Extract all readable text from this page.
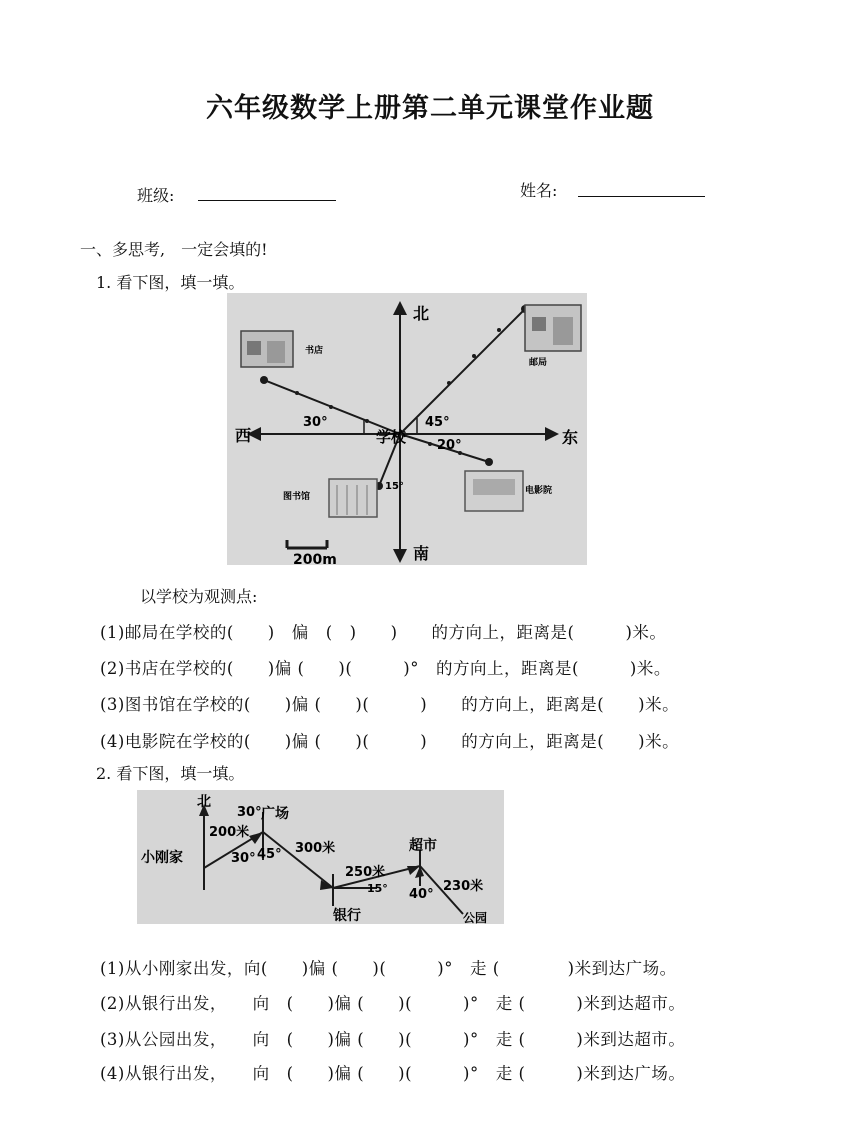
六年级数学上册第二单元课堂作业题
班级:	姓名:
一、多思考,　一定会填的!
1. 看下图，填一填。
北
南
东
西	学校
书店
邮局
图书馆
电影院
30°	45°
20°
15°
200m
以学校为观测点:
(1)邮局在学校的(　　)　偏　(　)　　)　　的方向上，距离是(　　　)米。
(2)书店在学校的(　　)偏 (　　)(　　　)°　的方向上，距离是(　　　)米。
(3)图书馆在学校的(　　)偏 (　　)(　　　)　　的方向上，距离是(　　)米。
(4)电影院在学校的(　　)偏 (　　)(　　　)　　的方向上，距离是(　　)米。
2. 看下图，填一填。
北
小刚家
广场
银行
超市
公园
200米
300米
250米
230米
30°
30° 45°
15° 40°
(1)从小刚家出发，向(　　)偏 (　　)(　　　)°　走 (　　　　)米到达广场。
(2)从银行出发，　　向　(　　)偏 (　　)(　　　)°　走 (　　　)米到达超市。
(3)从公园出发，　　向　(　　)偏 (　　)(　　　)°　走 (　　　)米到达超市。
(4)从银行出发，　　向　(　　)偏 (　　)(　　　)°　走 (　　　)米到达广场。
